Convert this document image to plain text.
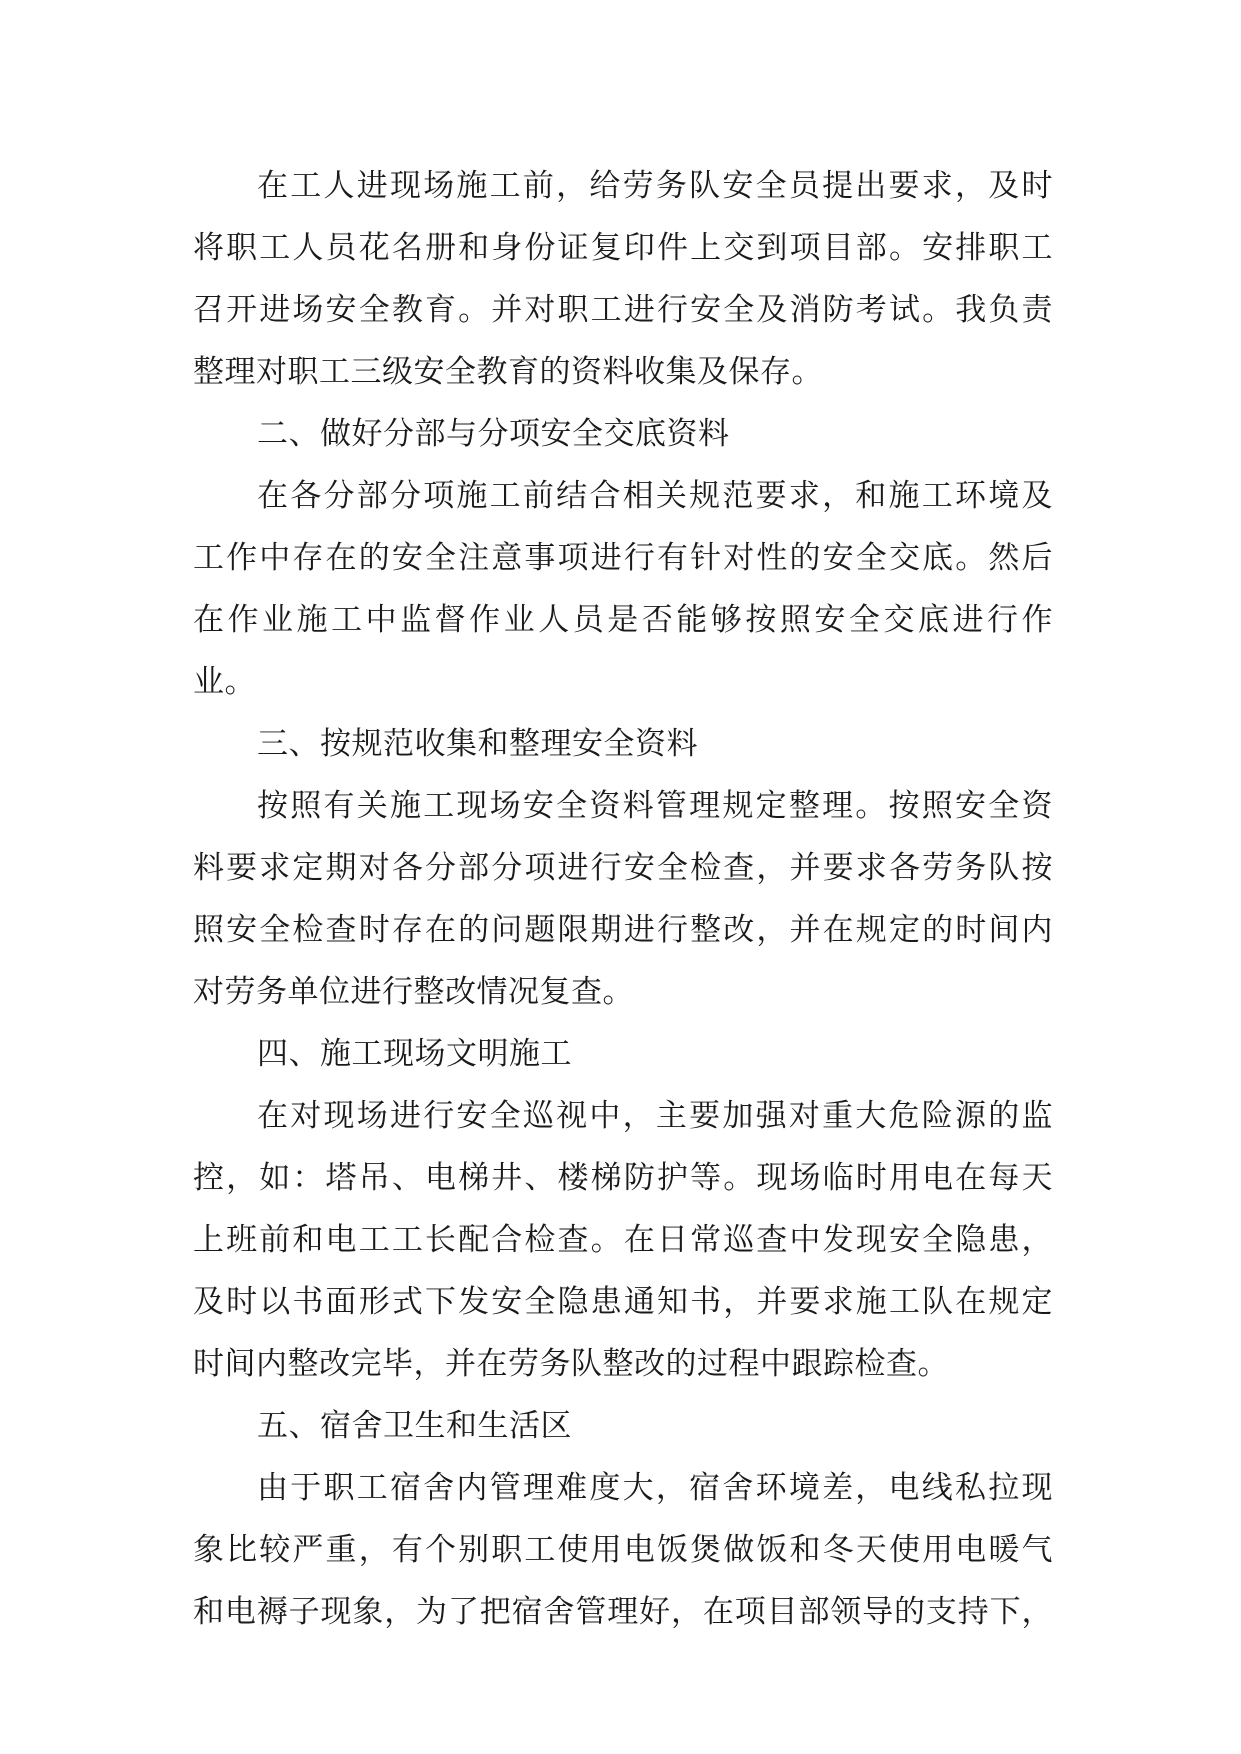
在工人进现场施工前，给劳务队安全员提出要求，及时
将职工人员花名册和身份证复印件上交到项目部。安排职工
召开进场安全教育。并对职工进行安全及消防考试。我负责
整理对职工三级安全教育的资料收集及保存。
二、做好分部与分项安全交底资料
在各分部分项施工前结合相关规范要求，和施工环境及
工作中存在的安全注意事项进行有针对性的安全交底。然后
在作业施工中监督作业人员是否能够按照安全交底进行作
业。
三、按规范收集和整理安全资料
按照有关施工现场安全资料管理规定整理。按照安全资
料要求定期对各分部分项进行安全检查，并要求各劳务队按
照安全检查时存在的问题限期进行整改，并在规定的时间内
对劳务单位进行整改情况复查。
四、施工现场文明施工
在对现场进行安全巡视中，主要加强对重大危险源的监
控，如：塔吊、电梯井、楼梯防护等。现场临时用电在每天
上班前和电工工长配合检查。在日常巡查中发现安全隐患，
及时以书面形式下发安全隐患通知书，并要求施工队在规定
时间内整改完毕，并在劳务队整改的过程中跟踪检查。
五、宿舍卫生和生活区
由于职工宿舍内管理难度大，宿舍环境差，电线私拉现
象比较严重，有个别职工使用电饭煲做饭和冬天使用电暖气
和电褥子现象，为了把宿舍管理好，在项目部领导的支持下，
